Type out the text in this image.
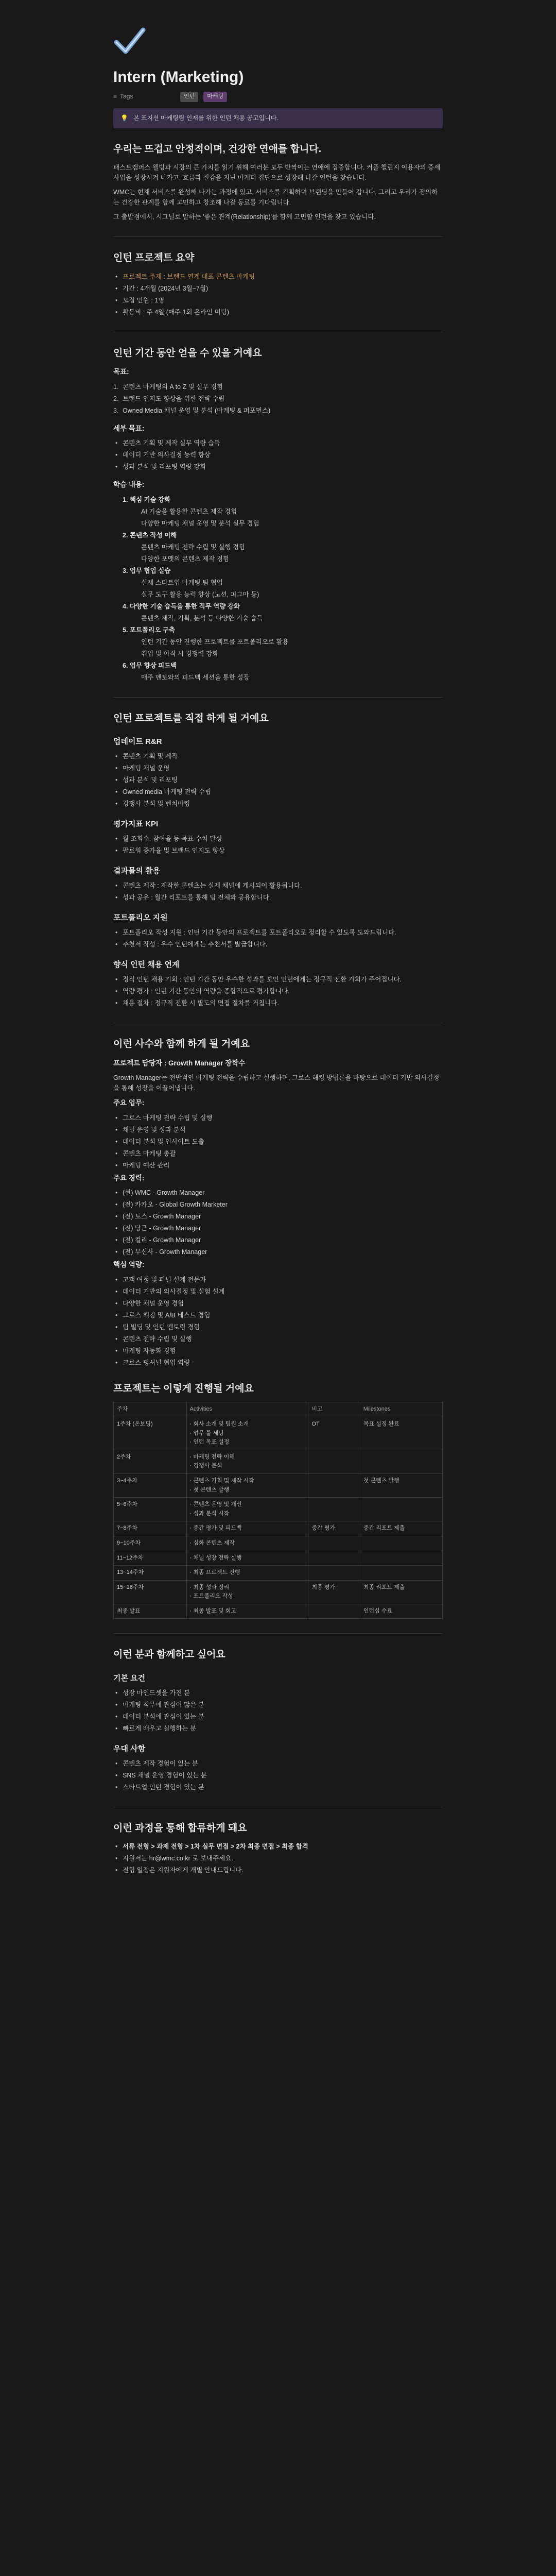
Intern (Marketing)
≡ Tags	인턴	마케팅
💡 본 포지션 마케팅팀 인재를 위한 인턴 채용 공고입니다.
우리는 뜨겁고 안정적이며, 건강한 연애를 합니다.

패스트캠퍼스 웰빙과 시장의 큰 가치를 읽기 위해 여러분 모두 반짝이는 연애에 집중합니다. 커플 챌린지 이용자의 증세 사업을 성장시켜 나가고, 흐름과 질감을 지닌 마케터 집단으로 성장해 나갈 인턴을 찾습니다.

WMC는 현재 서비스를 완성해 나가는 과정에 있고, 서비스를 기획하며 브랜딩을 만들어 갑니다. 그리고 우리가 정의하는 건강한 관계를 함께 고민하고 창조해 나갈 동료를 기다립니다.

그 출발점에서, 시그널로 말하는 '좋은 관계(Relationship)'를 함께 고민할 인턴을 찾고 있습니다.

인턴 프로젝트 요약
• 프로젝트 주제 : 브랜드 연계 대표 콘텐츠 마케팅
• 기간 : 4개월 (2024년 3월~7월)
• 모집 인원 : 1명
• 활동비 : 주 4일 (매주 1회 온라인 미팅)
인턴 기간 동안 얻을 수 있을 거예요

목표:

1. 콘텐츠 마케팅의 A to Z 및 실무 경험
2. 브랜드 인지도 향상을 위한 전략 수립
3. Owned Media 채널 운영 및 분석 (마케팅 & 퍼포먼스)

세부 목표:

• 콘텐츠 기획 및 제작 실무 역량 습득
• 데이터 기반 의사결정 능력 향상
• 성과 분석 및 리포팅 역량 강화

학습 내용:

1. 핵심 기술 강화
AI 기술을 활용한 콘텐츠 제작 경험
다양한 마케팅 채널 운영 및 분석 실무 경험
2. 콘텐츠 작성 이해
콘텐츠 마케팅 전략 수립 및 실행 경험
다양한 포맷의 콘텐츠 제작 경험
3. 업무 협업 실습
실제 스타트업 마케팅 팀 협업
실무 도구 활용 능력 향상 (노션, 피그마 등)
4. 다양한 기술 습득을 통한 직무 역량 강화
콘텐츠 제작, 기획, 분석 등 다양한 기술 습득
5. 포트폴리오 구축
인턴 기간 동안 진행한 프로젝트를 포트폴리오로 활용
취업 및 이직 시 경쟁력 강화
6. 업무 향상 피드백
매주 멘토와의 피드백 세션을 통한 성장
인턴 프로젝트를 직접 하게 될 거예요
업데이트 R&R
• 콘텐츠 기획 및 제작
• 마케팅 채널 운영
• 성과 분석 및 리포팅
• Owned media 마케팅 전략 수립
• 경쟁사 분석 및 벤치마킹
평가지표 KPI
• 월 조회수, 참여율 등 목표 수치 달성
• 팔로워 증가율 및 브랜드 인지도 향상
결과물의 활용
• 콘텐츠 제작 : 제작한 콘텐츠는 실제 채널에 게시되어 활용됩니다.
• 성과 공유 : 월간 리포트를 통해 팀 전체와 공유합니다.
포트폴리오 지원
• 포트폴리오 작성 지원 : 인턴 기간 동안의 프로젝트를 포트폴리오로 정리할 수 있도록 도와드립니다.
• 추천서 작성 : 우수 인턴에게는 추천서를 발급합니다.
향식 인턴 채용 연계
• 정식 인턴 채용 기회 : 인턴 기간 동안 우수한 성과를 보인 인턴에게는 정규직 전환 기회가 주어집니다.
• 역량 평가 : 인턴 기간 동안의 역량을 종합적으로 평가합니다.
• 채용 절차 : 정규직 전환 시 별도의 면접 절차를 거칩니다.
이런 사수와 함께 하게 될 거예요

프로젝트 담당자 : Growth Manager 장학수

Growth Manager는 전반적인 마케팅 전략을 수립하고 실행하며, 그로스 해킹 방법론을 바탕으로 데이터 기반 의사결정을 통해 성장을 이끌어냅니다.

주요 업무:

• 그로스 마케팅 전략 수립 및 실행
• 채널 운영 및 성과 분석
• 데이터 분석 및 인사이트 도출
• 콘텐츠 마케팅 총괄
• 마케팅 예산 관리

주요 경력:

• (현) WMC - Growth Manager
• (전) 카카오 - Global Growth Marketer
• (전) 토스 - Growth Manager
• (전) 당근 - Growth Manager
• (전) 컬리 - Growth Manager
• (전) 무신사 - Growth Manager

핵심 역량:

• 고객 여정 및 퍼널 설계 전문가
• 데이터 기반의 의사결정 및 실험 설계
• 다양한 채널 운영 경험
• 그로스 해킹 및 A/B 테스트 경험
• 팀 빌딩 및 인턴 멘토링 경험
• 콘텐츠 전략 수립 및 실행
• 마케팅 자동화 경험
• 크로스 펑셔널 협업 역량
프로젝트는 이렇게 진행될 거예요
주차	Activities	비고	Milestones
1주차 (온보딩)	· 회사 소개 및 팀원 소개
· 업무 툴 세팅
· 인턴 목표 설정	OT	목표 설정 완료
2주차	· 마케팅 전략 이해
· 경쟁사 분석		
3~4주차	· 콘텐츠 기획 및 제작 시작
· 첫 콘텐츠 발행		첫 콘텐츠 발행
5~6주차	· 콘텐츠 운영 및 개선
· 성과 분석 시작		
7~8주차	· 중간 평가 및 피드백	중간 평가	중간 리포트 제출
9~10주차	· 심화 콘텐츠 제작		
11~12주차	· 채널 성장 전략 실행		
13~14주차	· 최종 프로젝트 진행		
15~16주차	· 최종 성과 정리
· 포트폴리오 작성	최종 평가	최종 리포트 제출
최종 발표	· 최종 발표 및 회고		인턴십 수료
이런 분과 함께하고 싶어요
기본 요건
• 성장 마인드셋을 가진 분
• 마케팅 직무에 관심이 많은 분
• 데이터 분석에 관심이 있는 분
• 빠르게 배우고 실행하는 분
우대 사항
• 콘텐츠 제작 경험이 있는 분
• SNS 채널 운영 경험이 있는 분
• 스타트업 인턴 경험이 있는 분
이런 과정을 통해 합류하게 돼요
• 서류 전형 > 과제 전형 > 1차 실무 면접 > 2차 최종 면접 > 최종 합격
• 지원서는 hr@wmc.co.kr 로 보내주세요.
• 전형 일정은 지원자에게 개별 안내드립니다.
